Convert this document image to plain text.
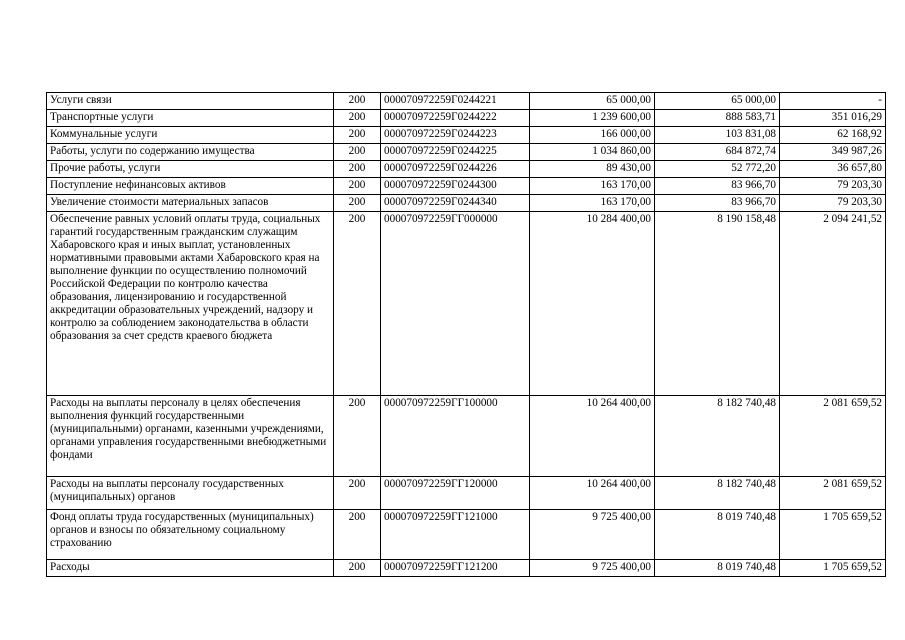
Услуги связи	200	000070972259Г0244221	65 000,00	65 000,00	-
Транспортные услуги	200	000070972259Г0244222	1 239 600,00	888 583,71	351 016,29
Коммунальные услуги	200	000070972259Г0244223	166 000,00	103 831,08	62 168,92
Работы, услуги по содержанию имущества	200	000070972259Г0244225	1 034 860,00	684 872,74	349 987,26
Прочие работы, услуги	200	000070972259Г0244226	89 430,00	52 772,20	36 657,80
Поступление нефинансовых активов	200	000070972259Г0244300	163 170,00	83 966,70	79 203,30
Увеличение стоимости материальных запасов	200	000070972259Г0244340	163 170,00	83 966,70	79 203,30
Обеспечение равных условий оплаты труда, социальных гарантий государственным гражданским служащим Хабаровского края и иных выплат, установленных нормативными правовыми актами Хабаровского края на выполнение функции по осуществлению полномочий Российской Федерации по контролю качества образования, лицензированию и государственной аккредитации образовательных учреждений, надзору и контролю за соблюдением законодательства в области образования за счет средств краевого бюджета	200	000070972259ГГ000000	10 284 400,00	8 190 158,48	2 094 241,52
Расходы на выплаты персоналу в целях обеспечения выполнения функций государственными (муниципальными) органами, казенными учреждениями, органами управления государственными внебюджетными фондами	200	000070972259ГГ100000	10 264 400,00	8 182 740,48	2 081 659,52
Расходы на выплаты персоналу государственных (муниципальных) органов	200	000070972259ГГ120000	10 264 400,00	8 182 740,48	2 081 659,52
Фонд оплаты труда государственных (муниципальных) органов и взносы по обязательному социальному страхованию	200	000070972259ГГ121000	9 725 400,00	8 019 740,48	1 705 659,52
Расходы	200	000070972259ГГ121200	9 725 400,00	8 019 740,48	1 705 659,52
